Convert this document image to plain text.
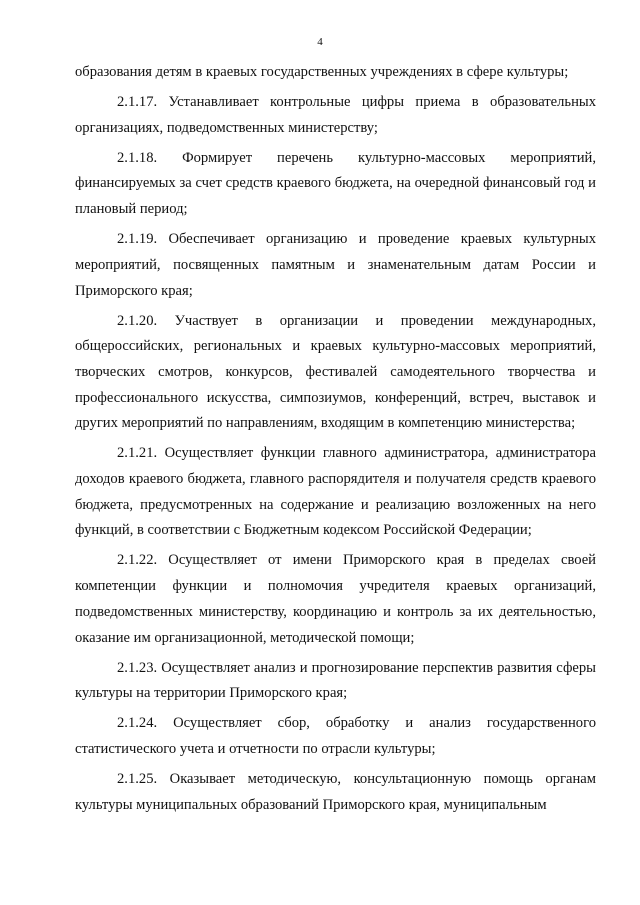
4

образования детям в краевых государственных учреждениях в сфере культуры;

2.1.17. Устанавливает контрольные цифры приема в образовательных организациях, подведомственных министерству;

2.1.18. Формирует перечень культурно-массовых мероприятий, финансируемых за счет средств краевого бюджета, на очередной финансовый год и плановый период;

2.1.19. Обеспечивает организацию и проведение краевых культурных мероприятий, посвященных памятным и знаменательным датам России и Приморского края;

2.1.20. Участвует в организации и проведении международных, общероссийских, региональных и краевых культурно-массовых мероприятий, творческих смотров, конкурсов, фестивалей самодеятельного творчества и профессионального искусства, симпозиумов, конференций, встреч, выставок и других мероприятий по направлениям, входящим в компетенцию министерства;

2.1.21. Осуществляет функции главного администратора, администратора доходов краевого бюджета, главного распорядителя и получателя средств краевого бюджета, предусмотренных на содержание и реализацию возложенных на него функций, в соответствии с Бюджетным кодексом Российской Федерации;

2.1.22. Осуществляет от имени Приморского края в пределах своей компетенции функции и полномочия учредителя краевых организаций, подведомственных министерству, координацию и контроль за их деятельностью, оказание им организационной, методической помощи;

2.1.23. Осуществляет анализ и прогнозирование перспектив развития сферы культуры на территории Приморского края;

2.1.24. Осуществляет сбор, обработку и анализ государственного статистического учета и отчетности по отрасли культуры;

2.1.25. Оказывает методическую, консультационную помощь органам культуры муниципальных образований Приморского края, муниципальным
